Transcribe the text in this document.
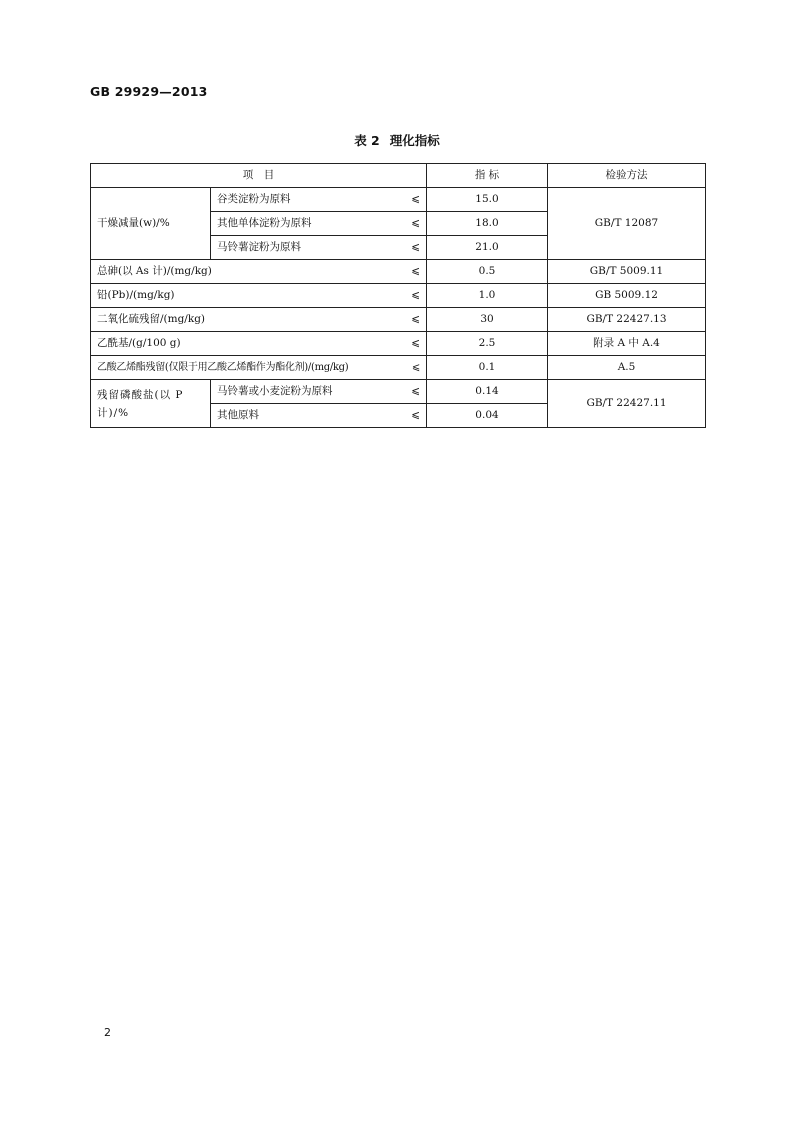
GB 29929—2013
表 2 理化指标
项　目		指 标	检验方法
干燥减量(w)/%	谷类淀粉为原料 ⩽	15.0	GB/T 12087
	其他单体淀粉为原料 ⩽	18.0	
	马铃薯淀粉为原料 ⩽	21.0	
总砷(以 As 计)/(mg/kg) ⩽		0.5	GB/T 5009.11
铅(Pb)/(mg/kg) ⩽		1.0	GB 5009.12
二氧化硫残留/(mg/kg) ⩽		30	GB/T 22427.13
乙酰基/(g/100 g) ⩽		2.5	附录 A 中 A.4
乙酸乙烯酯残留(仅限于用乙酸乙烯酯作为酯化剂)/(mg/kg) ⩽		0.1	A.5
残留磷酸盐(以 P 计)/%	马铃薯或小麦淀粉为原料 ⩽	0.14	GB/T 22427.11
	其他原料 ⩽	0.04	
2
